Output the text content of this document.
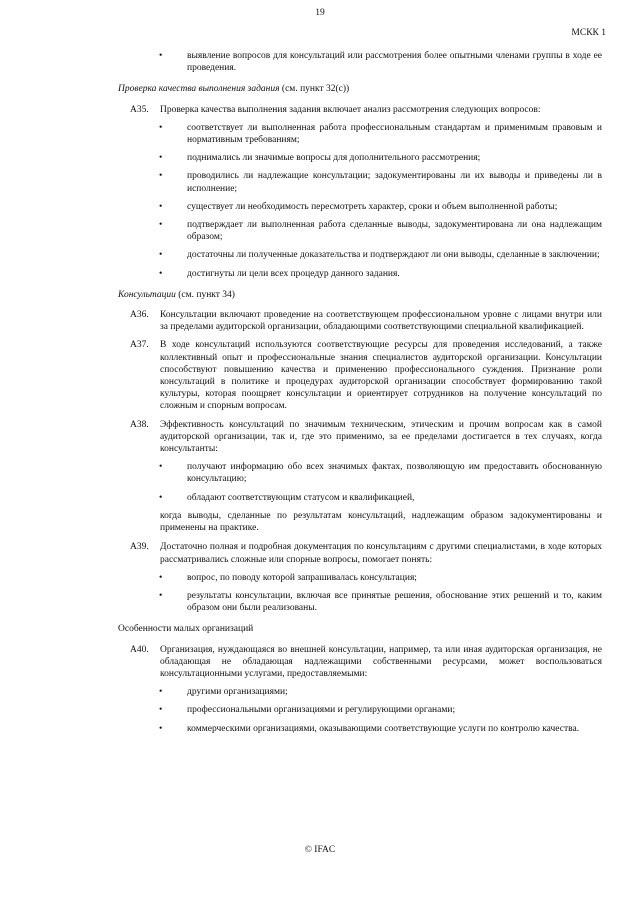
19
МСКК 1
•	выявление вопросов для консультаций или рассмотрения более опытными членами группы в ходе ее проведения.
Проверка качества выполнения задания (см. пункт 32(c))
A35. Проверка качества выполнения задания включает анализ рассмотрения следующих вопросов:
•	соответствует ли выполненная работа профессиональным стандартам и применимым правовым и нормативным требованиям;
•	поднимались ли значимые вопросы для дополнительного рассмотрения;
•	проводились ли надлежащие консультации; задокументированы ли их выводы и приведены ли в исполнение;
•	существует ли необходимость пересмотреть характер, сроки и объем выполненной работы;
•	подтверждает ли выполненная работа сделанные выводы, задокументирована ли она надлежащим образом;
•	достаточны ли полученные доказательства и подтверждают ли они выводы, сделанные в заключении;
•	достигнуты ли цели всех процедур данного задания.
Консультации (см. пункт 34)
A36. Консультации включают проведение на соответствующем профессиональном уровне с лицами внутри или за пределами аудиторской организации, обладающими соответствующими специальной квалификацией.
A37. В ходе консультаций используются соответствующие ресурсы для проведения исследований, а также коллективный опыт и профессиональные знания специалистов аудиторской организации. Консультации способствуют повышению качества и применению профессионального суждения. Признание роли консультаций в политике и процедурах аудиторской организации способствует формированию такой культуры, которая поощряет консультации и ориентирует сотрудников на получение консультаций по сложным и спорным вопросам.
A38. Эффективность консультаций по значимым техническим, этическим и прочим вопросам как в самой аудиторской организации, так и, где это применимо, за ее пределами достигается в тех случаях, когда консультанты:
•	получают информацию обо всех значимых фактах, позволяющую им предоставить обоснованную консультацию;
•	обладают соответствующим статусом и квалификацией,
когда выводы, сделанные по результатам консультаций, надлежащим образом задокументированы и применены на практике.
A39. Достаточно полная и подробная документация по консультациям с другими специалистами, в ходе которых рассматривались сложные или спорные вопросы, помогает понять:
•	вопрос, по поводу которой запрашивалась консультация;
•	результаты консультации, включая все принятые решения, обоснование этих решений и то, каким образом они были реализованы.
Особенности малых организаций
A40. Организация, нуждающаяся во внешней консультации, например, та или иная аудиторская организация, не обладающая не обладающая надлежащими собственными ресурсами, может воспользоваться консультационными услугами, предоставляемыми:
•	другими организациями;
•	профессиональными организациями и регулирующими органами;
•	коммерческими организациями, оказывающими соответствующие услуги по контролю качества.
© IFAC
